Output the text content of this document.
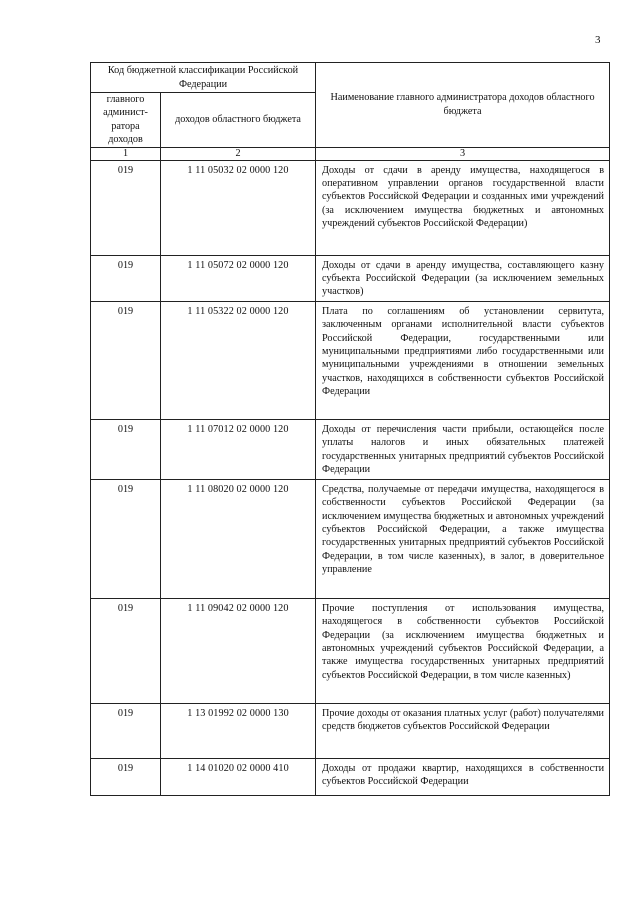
3
Код бюджетной классификации Российской Федерации		Наименование главного администратора доходов областного бюджета
главного админист-ратора доходов	доходов областного бюджета	
1	2	3
019	1 11 05032 02 0000 120	Доходы от сдачи в аренду имущества, находящегося в оперативном управлении органов государственной власти субъектов Российской Федерации и созданных ими учреждений (за исключением имущества бюджетных и автономных учреждений субъектов Российской Федерации)
019	1 11 05072 02 0000 120	Доходы от сдачи в аренду имущества, составляющего казну субъекта Российской Федерации (за исключением земельных участков)
019	1 11 05322 02 0000 120	Плата по соглашениям об установлении сервитута, заключенным органами исполнительной власти субъектов Российской Федерации, государственными или муниципальными предприятиями либо государственными или муниципальными учреждениями в отношении земельных участков, находящихся в собственности субъектов Российской Федерации
019	1 11 07012 02 0000 120	Доходы от перечисления части прибыли, остающейся после уплаты налогов и иных обязательных платежей государственных унитарных предприятий субъектов Российской Федерации
019	1 11 08020 02 0000 120	Средства, получаемые от передачи имущества, находящегося в собственности субъектов Российской Федерации (за исключением имущества бюджетных и автономных учреждений субъектов Российской Федерации, а также имущества государственных унитарных предприятий субъектов Российской Федерации, в том числе казенных), в залог, в доверительное управление
019	1 11 09042 02 0000 120	Прочие поступления от использования имущества, находящегося в собственности субъектов Российской Федерации (за исключением имущества бюджетных и автономных учреждений субъектов Российской Федерации, а также имущества государственных унитарных предприятий субъектов Российской Федерации, в том числе казенных)
019	1 13 01992 02 0000 130	Прочие доходы от оказания платных услуг (работ) получателями средств бюджетов субъектов Российской Федерации
019	1 14 01020 02 0000 410	Доходы от продажи квартир, находящихся в собственности субъектов Российской Федерации
